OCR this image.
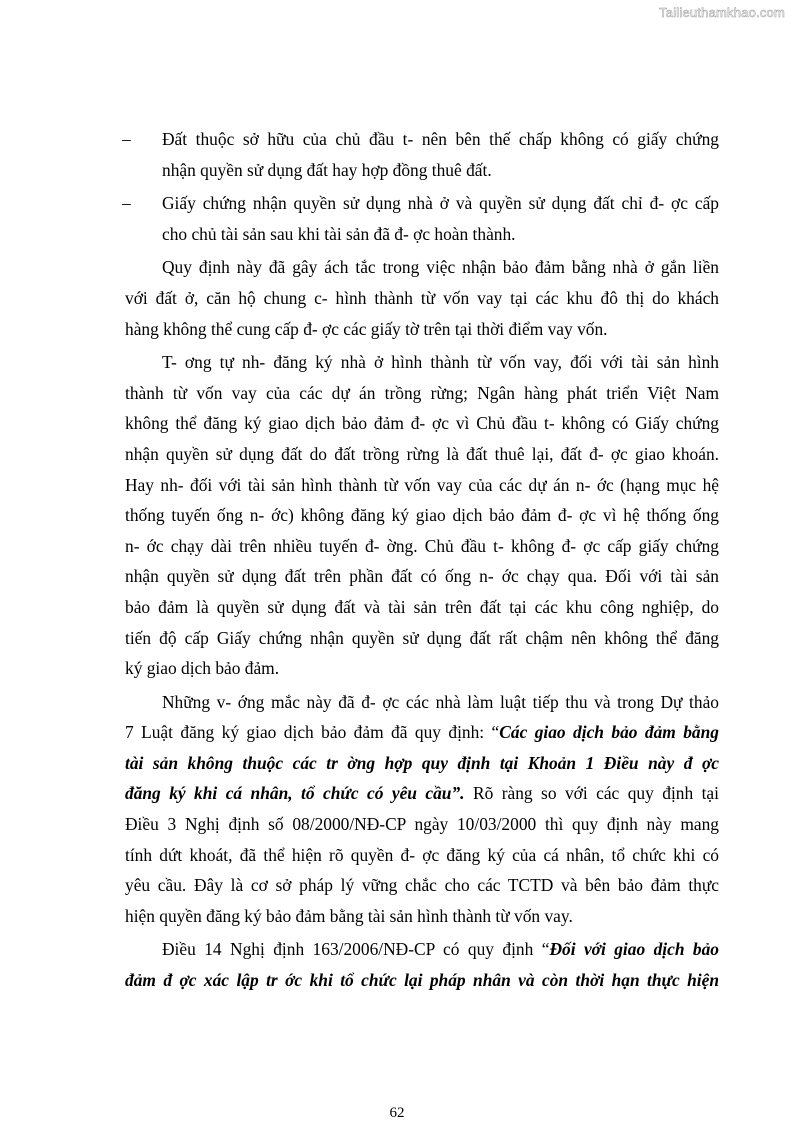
Tailieuthamkhao.com
– Đất thuộc sở hữu của chủ đầu t- nên bên thế chấp không có giấy chứng
nhận quyền sử dụng đất hay hợp đồng thuê đất.
– Giấy chứng nhận quyền sử dụng nhà ở và quyền sử dụng đất chỉ đ- ợc cấp
cho chủ tài sản sau khi tài sản đã đ- ợc hoàn thành.
Quy định này đã gây ách tắc trong việc nhận bảo đảm bằng nhà ở gắn liền
với đất ở, căn hộ chung c- hình thành từ vốn vay tại các khu đô thị do khách
hàng không thể cung cấp đ- ợc các giấy tờ trên tại thời điểm vay vốn.
T- ơng tự nh- đăng ký nhà ở hình thành từ vốn vay, đối với tài sản hình
thành từ vốn vay của các dự án trồng rừng; Ngân hàng phát triển Việt Nam
không thể đăng ký giao dịch bảo đảm đ- ợc vì Chủ đầu t- không có Giấy chứng
nhận quyền sử dụng đất do đất trồng rừng là đất thuê lại, đất đ- ợc giao khoán.
Hay nh- đối với tài sản hình thành từ vốn vay của các dự án n- ớc (hạng mục hệ
thống tuyến ống n- ớc) không đăng ký giao dịch bảo đảm đ- ợc vì hệ thống ống
n- ớc chạy dài trên nhiều tuyến đ- ờng. Chủ đầu t- không đ- ợc cấp giấy chứng
nhận quyền sử dụng đất trên phần đất có ống n- ớc chạy qua. Đối với tài sản
bảo đảm là quyền sử dụng đất và tài sản trên đất tại các khu công nghiệp, do
tiến độ cấp Giấy chứng nhận quyền sử dụng đất rất chậm nên không thể đăng
ký giao dịch bảo đảm.
Những v- ớng mắc này đã đ- ợc các nhà làm luật tiếp thu và trong Dự thảo
7 Luật đăng ký giao dịch bảo đảm đã quy định: “Các giao dịch bảo đảm bằng
tài sản không thuộc các tr ờng hợp quy định tại Khoản 1 Điều này đ ợc
đăng ký khi cá nhân, tổ chức có yêu cầu”. Rõ ràng so với các quy định tại
Điều 3 Nghị định số 08/2000/NĐ-CP ngày 10/03/2000 thì quy định này mang
tính dứt khoát, đã thể hiện rõ quyền đ- ợc đăng ký của cá nhân, tổ chức khi có
yêu cầu. Đây là cơ sở pháp lý vững chắc cho các TCTD và bên bảo đảm thực
hiện quyền đăng ký bảo đảm bằng tài sản hình thành từ vốn vay.
Điều 14 Nghị định 163/2006/NĐ-CP có quy định “Đối với giao dịch bảo
đảm đ ợc xác lập tr ớc khi tổ chức lại pháp nhân và còn thời hạn thực hiện
62
